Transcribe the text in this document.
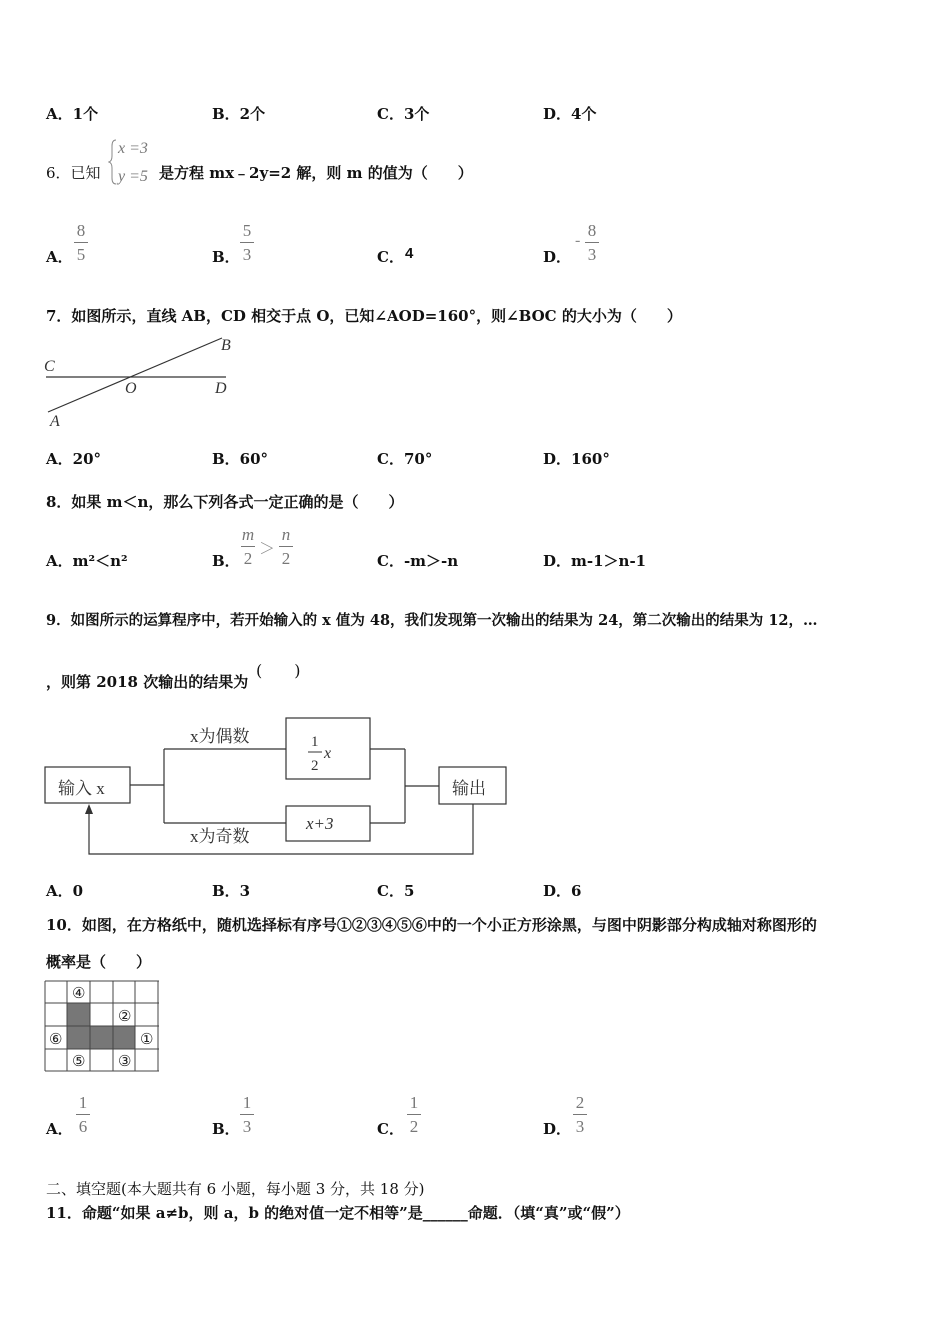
A．1个	B．2个	C．3个	D．4个
6．已知
x =3
y =5 是方程 mx﹣2y=2 解，则 m 的值为（　　）
A．
8
5	B．
5
3	C． 4	D．
-
8
3
7．如图所示，直线 AB，CD 相交于点 O，已知∠AOD=160°，则∠BOC 的大小为（　　）
C
B
O	D
A
A．20°	B．60°	C．70°	D．160°
8．如果 m＜n，那么下列各式一定正确的是（　　）
A．m²＜n²	B．
m
2 ＞
n
2	C．-m＞-n	D．m-1＞n-1
9．如图所示的运算程序中，若开始输入的 x 值为 48，我们发现第一次输出的结果为 24，第二次输出的结果为 12，…
，则第 2018 次输出的结果为
(　　)
输入 x
x为偶数
x为奇数
1
2
x
x+3
输出
A．0	B．3	C．5	D．6
10．如图，在方格纸中，随机选择标有序号①②③④⑤⑥中的一个小正方形涂黑，与图中阴影部分构成轴对称图形的
概率是（　　）
④
②
⑥	①
⑤ ③
A．
1
6	B．
1
3	C．
1
2	D．
2
3
二、填空题(本大题共有 6 小题，每小题 3 分，共 18 分)
11．命题“如果 a≠b，则 a，b 的绝对值一定不相等”是______命题．（填“真”或“假”）
